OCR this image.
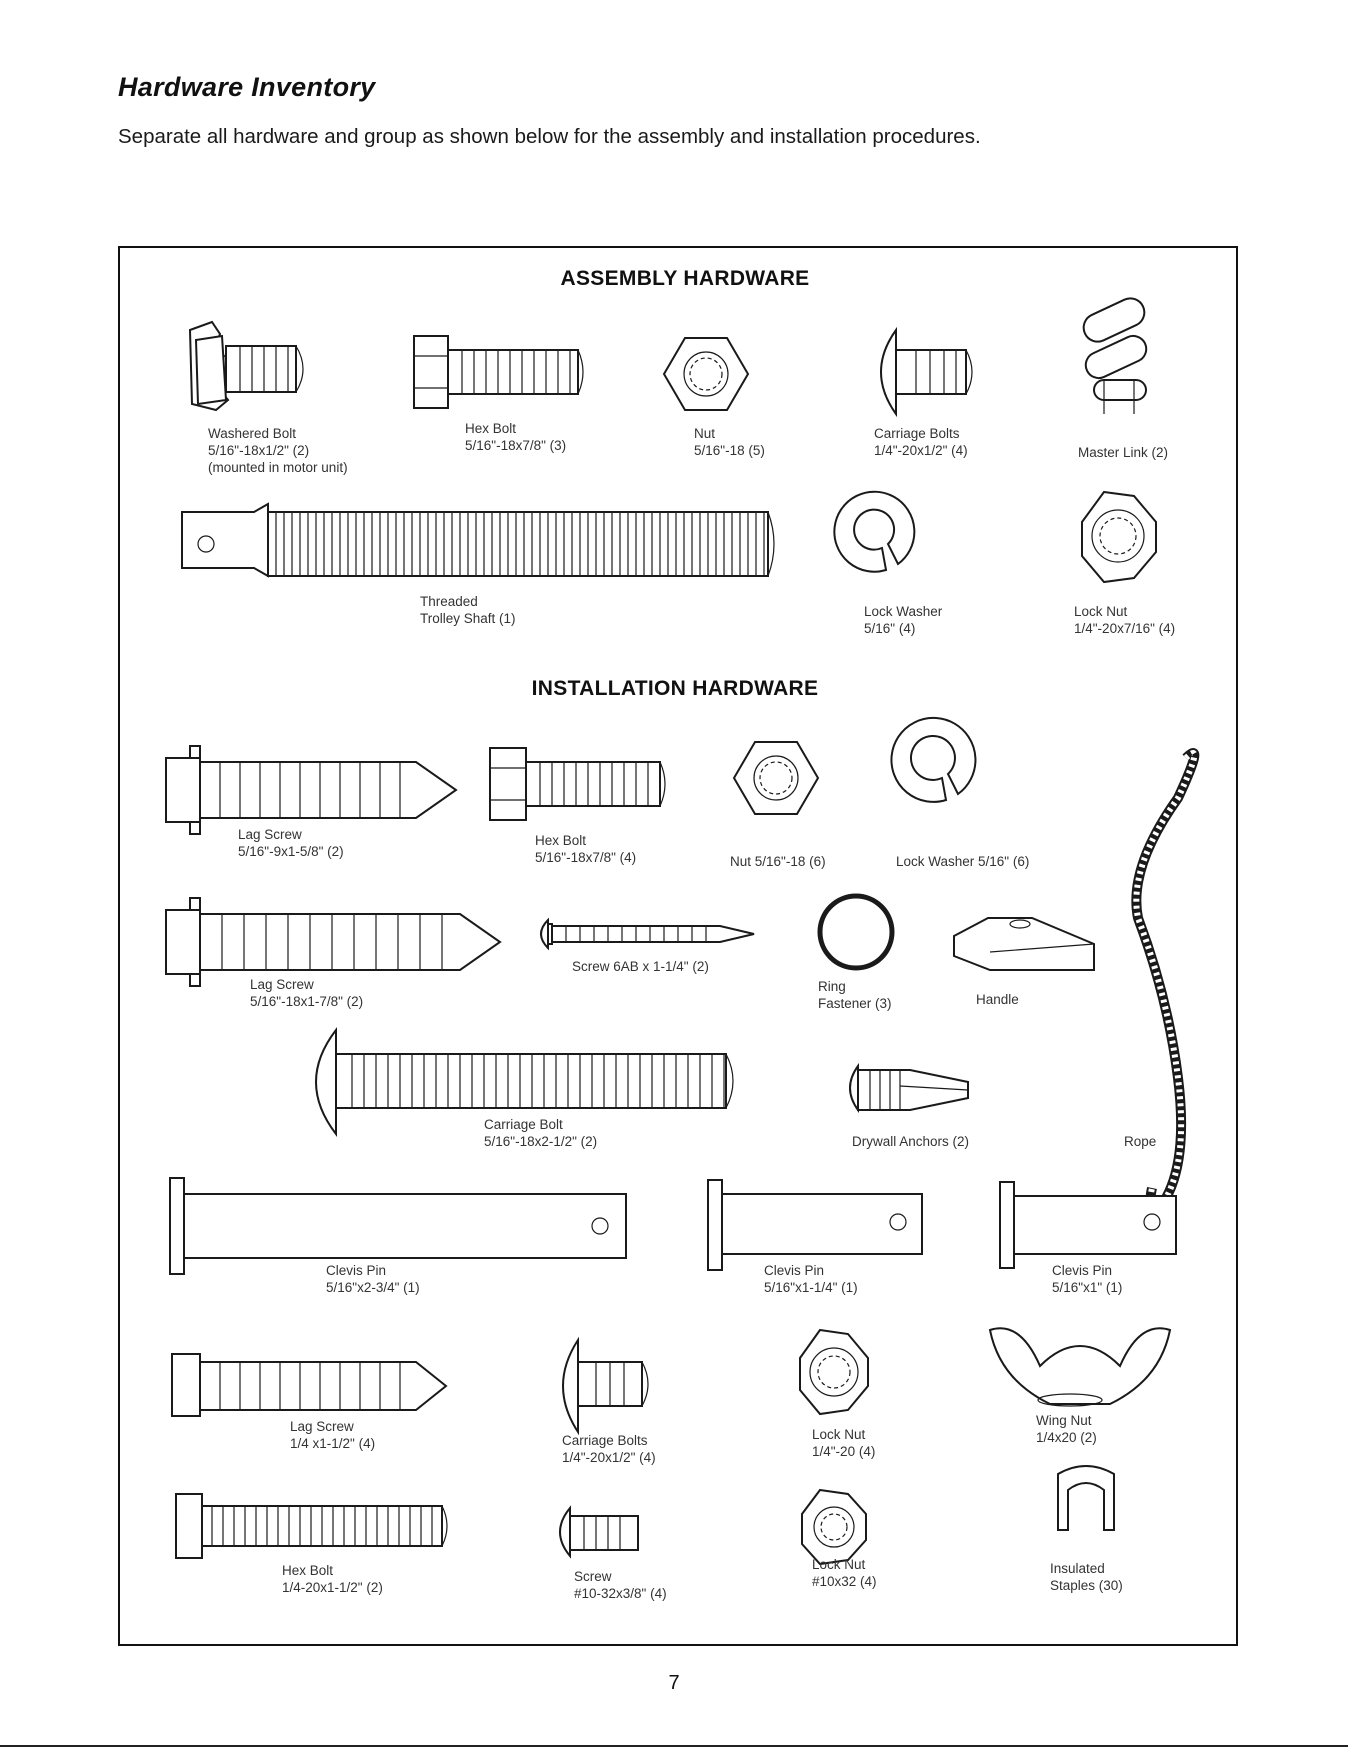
Hardware Inventory

Separate all hardware and group as shown below for the assembly and installation procedures.

ASSEMBLY HARDWARE
INSTALLATION HARDWARE
Washered Bolt
5/16"-18x1/2" (2)
(mounted in motor unit)
Hex Bolt
5/16"-18x7/8" (3)
Nut
5/16"-18 (5)
Carriage Bolts
1/4"-20x1/2" (4)	Master Link (2)
Threaded
Trolley Shaft (1)	Lock Washer
5/16" (4)
Lock Nut
1/4"-20x7/16" (4)
Lag Screw
5/16"-9x1-5/8" (2)
Hex Bolt
5/16"-18x7/8" (4)	Nut 5/16"-18 (6)	Lock Washer 5/16" (6)
Lag Screw
5/16"-18x1-7/8" (2)
Screw 6AB x 1-1/4" (2)
Ring
Fastener (3)	Handle
Rope
Carriage Bolt
5/16"-18x2-1/2" (2)	Drywall Anchors (2)
Clevis Pin
5/16"x2-3/4" (1)
Clevis Pin
5/16"x1-1/4" (1)
Clevis Pin
5/16"x1" (1)
Lag Screw
1/4 x1-1/2" (4)	Carriage Bolts
1/4"-20x1/2" (4)
Lock Nut
1/4"-20 (4)
Wing Nut
1/4x20 (2)
Hex Bolt
1/4-20x1-1/2" (2)
Screw
#10-32x3/8" (4)
Lock Nut
#10x32 (4)
Insulated
Staples (30)
7
